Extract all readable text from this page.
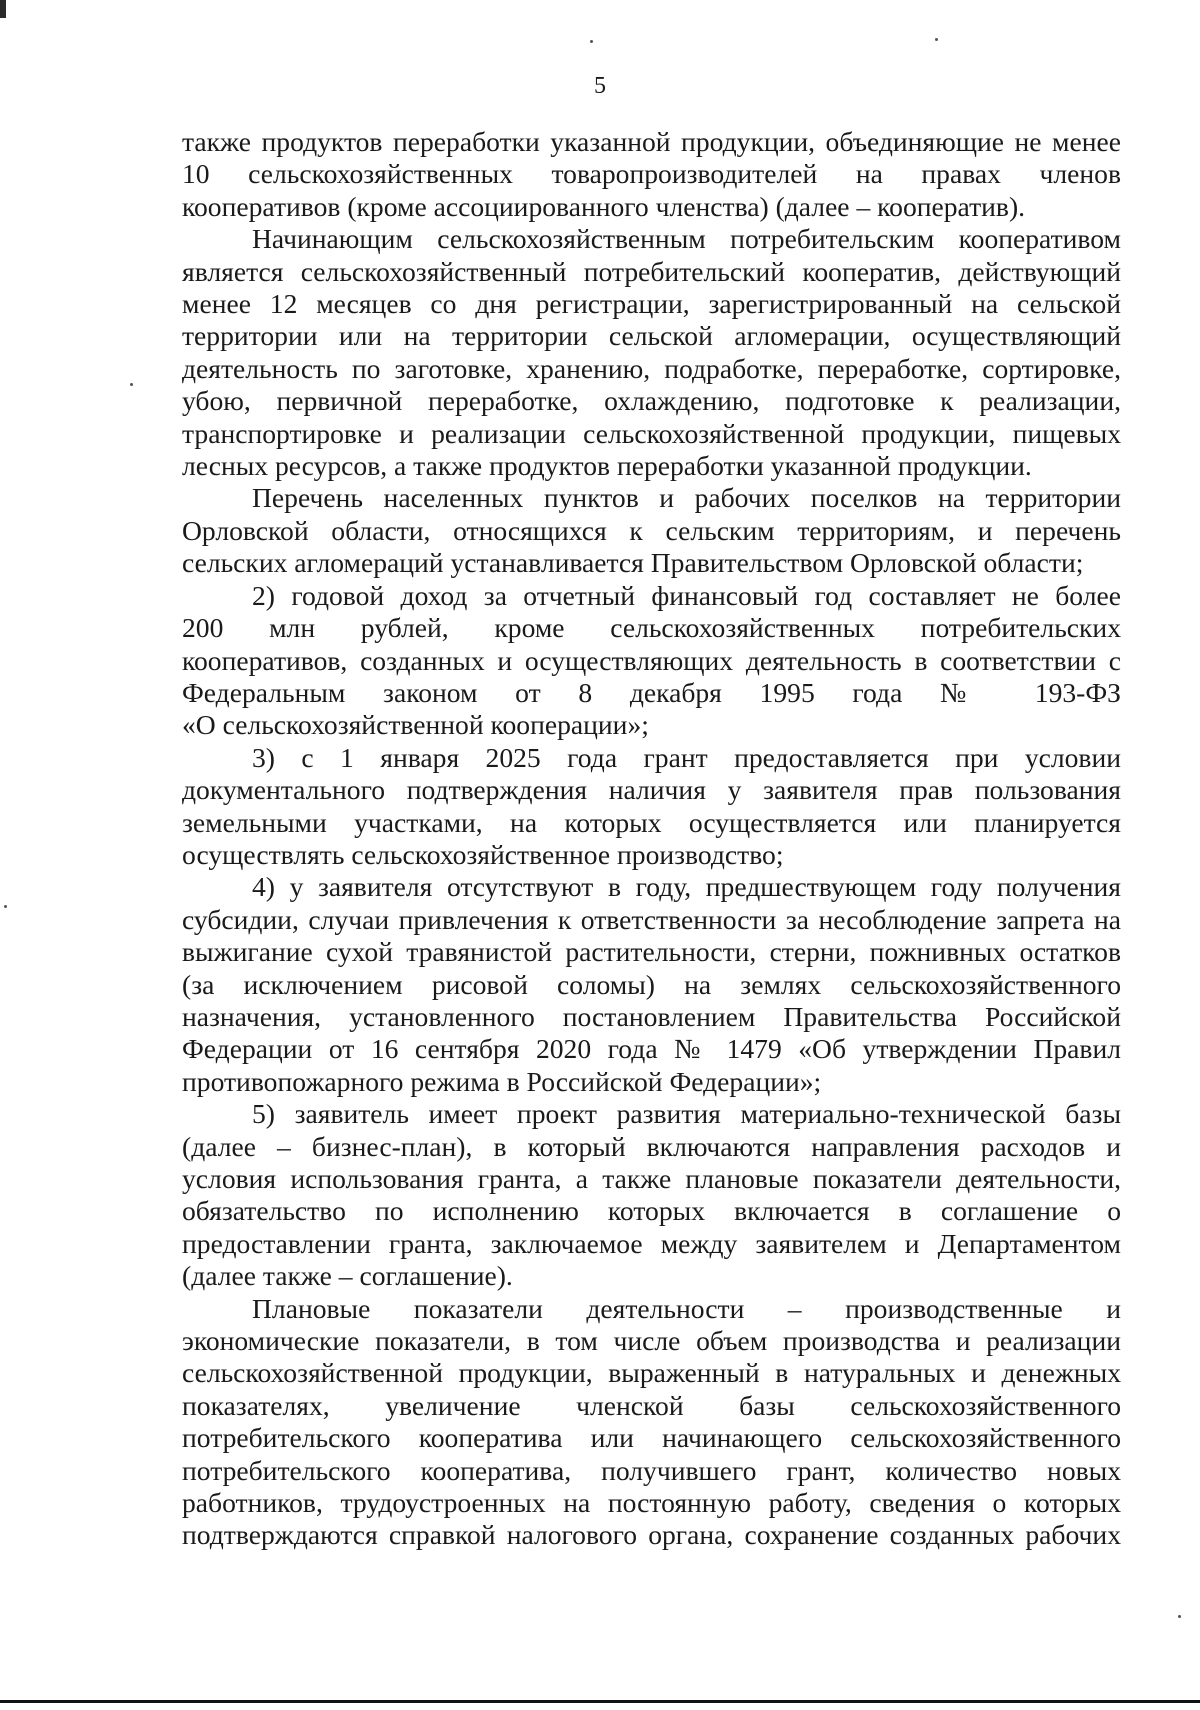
5

также продуктов переработки указанной продукции, объединяющие не менее
10 сельскохозяйственных товаропроизводителей на правах членов
кооперативов (кроме ассоциированного членства) (далее – кооператив).

Начинающим сельскохозяйственным потребительским кооперативом
является сельскохозяйственный потребительский кооператив, действующий
менее 12 месяцев со дня регистрации, зарегистрированный на сельской
территории или на территории сельской агломерации, осуществляющий
деятельность по заготовке, хранению, подработке, переработке, сортировке,
убою, первичной переработке, охлаждению, подготовке к реализации,
транспортировке и реализации сельскохозяйственной продукции, пищевых
лесных ресурсов, а также продуктов переработки указанной продукции.

Перечень населенных пунктов и рабочих поселков на территории
Орловской области, относящихся к сельским территориям, и перечень
сельских агломераций устанавливается Правительством Орловской области;

2) годовой доход за отчетный финансовый год составляет не более
200 млн рублей, кроме сельскохозяйственных потребительских
кооперативов, созданных и осуществляющих деятельность в соответствии с
Федеральным законом от 8 декабря 1995 года № 193-ФЗ
«О сельскохозяйственной кооперации»;

3) с 1 января 2025 года грант предоставляется при условии
документального подтверждения наличия у заявителя прав пользования
земельными участками, на которых осуществляется или планируется
осуществлять сельскохозяйственное производство;

4) у заявителя отсутствуют в году, предшествующем году получения
субсидии, случаи привлечения к ответственности за несоблюдение запрета на
выжигание сухой травянистой растительности, стерни, пожнивных остатков
(за исключением рисовой соломы) на землях сельскохозяйственного
назначения, установленного постановлением Правительства Российской
Федерации от 16 сентября 2020 года № 1479 «Об утверждении Правил
противопожарного режима в Российской Федерации»;

5) заявитель имеет проект развития материально-технической базы
(далее – бизнес-план), в который включаются направления расходов и
условия использования гранта, а также плановые показатели деятельности,
обязательство по исполнению которых включается в соглашение о
предоставлении гранта, заключаемое между заявителем и Департаментом
(далее также – соглашение).

Плановые показатели деятельности – производственные и
экономические показатели, в том числе объем производства и реализации
сельскохозяйственной продукции, выраженный в натуральных и денежных
показателях, увеличение членской базы сельскохозяйственного
потребительского кооператива или начинающего сельскохозяйственного
потребительского кооператива, получившего грант, количество новых
работников, трудоустроенных на постоянную работу, сведения о которых
подтверждаются справкой налогового органа, сохранение созданных рабочих
